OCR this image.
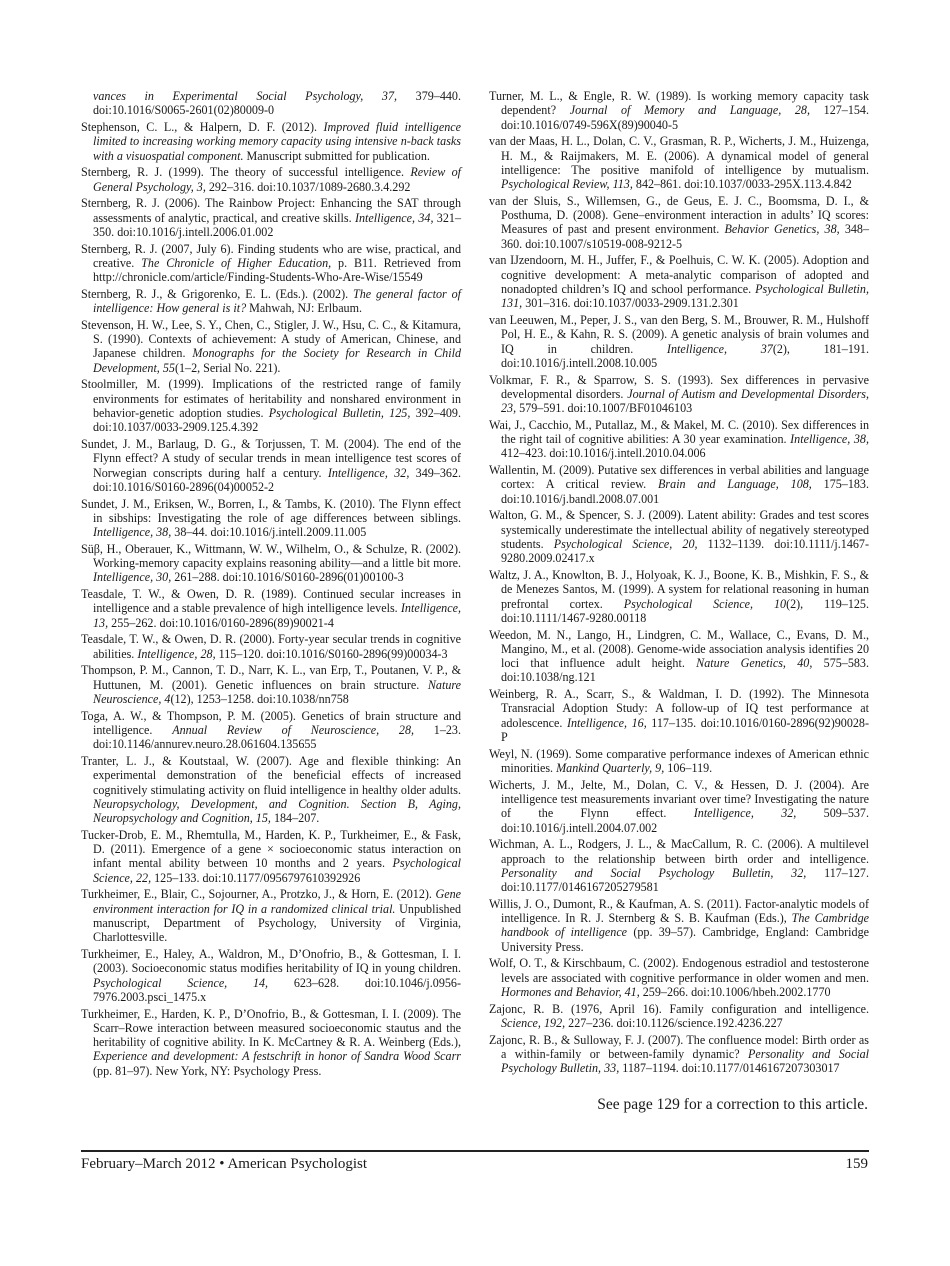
vances in Experimental Social Psychology, 37, 379–440. doi:10.1016/S0065-2601(02)80009-0

Stephenson, C. L., & Halpern, D. F. (2012). Improved fluid intelligence limited to increasing working memory capacity using intensive n-back tasks with a visuospatial component. Manuscript submitted for publication.

Sternberg, R. J. (1999). The theory of successful intelligence. Review of General Psychology, 3, 292–316. doi:10.1037/1089-2680.3.4.292

Sternberg, R. J. (2006). The Rainbow Project: Enhancing the SAT through assessments of analytic, practical, and creative skills. Intelligence, 34, 321–350. doi:10.1016/j.intell.2006.01.002

Sternberg, R. J. (2007, July 6). Finding students who are wise, practical, and creative. The Chronicle of Higher Education, p. B11. Retrieved from http://chronicle.com/article/Finding-Students-Who-Are-Wise/15549

Sternberg, R. J., & Grigorenko, E. L. (Eds.). (2002). The general factor of intelligence: How general is it? Mahwah, NJ: Erlbaum.

Stevenson, H. W., Lee, S. Y., Chen, C., Stigler, J. W., Hsu, C. C., & Kitamura, S. (1990). Contexts of achievement: A study of American, Chinese, and Japanese children. Monographs for the Society for Research in Child Development, 55(1–2, Serial No. 221).

Stoolmiller, M. (1999). Implications of the restricted range of family environments for estimates of heritability and nonshared environment in behavior-genetic adoption studies. Psychological Bulletin, 125, 392–409. doi:10.1037/0033-2909.125.4.392

Sundet, J. M., Barlaug, D. G., & Torjussen, T. M. (2004). The end of the Flynn effect? A study of secular trends in mean intelligence test scores of Norwegian conscripts during half a century. Intelligence, 32, 349–362. doi:10.1016/S0160-2896(04)00052-2

Sundet, J. M., Eriksen, W., Borren, I., & Tambs, K. (2010). The Flynn effect in sibships: Investigating the role of age differences between siblings. Intelligence, 38, 38–44. doi:10.1016/j.intell.2009.11.005

Süβ, H., Oberauer, K., Wittmann, W. W., Wilhelm, O., & Schulze, R. (2002). Working-memory capacity explains reasoning ability—and a little bit more. Intelligence, 30, 261–288. doi:10.1016/S0160-2896(01)00100-3

Teasdale, T. W., & Owen, D. R. (1989). Continued secular increases in intelligence and a stable prevalence of high intelligence levels. Intelligence, 13, 255–262. doi:10.1016/0160-2896(89)90021-4

Teasdale, T. W., & Owen, D. R. (2000). Forty-year secular trends in cognitive abilities. Intelligence, 28, 115–120. doi:10.1016/S0160-2896(99)00034-3

Thompson, P. M., Cannon, T. D., Narr, K. L., van Erp, T., Poutanen, V. P., & Huttunen, M. (2001). Genetic influences on brain structure. Nature Neuroscience, 4(12), 1253–1258. doi:10.1038/nn758

Toga, A. W., & Thompson, P. M. (2005). Genetics of brain structure and intelligence. Annual Review of Neuroscience, 28, 1–23. doi:10.1146/annurev.neuro.28.061604.135655

Tranter, L. J., & Koutstaal, W. (2007). Age and flexible thinking: An experimental demonstration of the beneficial effects of increased cognitively stimulating activity on fluid intelligence in healthy older adults. Neuropsychology, Development, and Cognition. Section B, Aging, Neuropsychology and Cognition, 15, 184–207.

Tucker-Drob, E. M., Rhemtulla, M., Harden, K. P., Turkheimer, E., & Fask, D. (2011). Emergence of a gene × socioeconomic status interaction on infant mental ability between 10 months and 2 years. Psychological Science, 22, 125–133. doi:10.1177/0956797610392926

Turkheimer, E., Blair, C., Sojourner, A., Protzko, J., & Horn, E. (2012). Gene environment interaction for IQ in a randomized clinical trial. Unpublished manuscript, Department of Psychology, University of Virginia, Charlottesville.

Turkheimer, E., Haley, A., Waldron, M., D’Onofrio, B., & Gottesman, I. I. (2003). Socioeconomic status modifies heritability of IQ in young children. Psychological Science, 14, 623–628. doi:10.1046/j.0956-7976.2003.psci_1475.x

Turkheimer, E., Harden, K. P., D’Onofrio, B., & Gottesman, I. I. (2009). The Scarr–Rowe interaction between measured socioeconomic stautus and the heritability of cognitive ability. In K. McCartney & R. A. Weinberg (Eds.), Experience and development: A festschrift in honor of Sandra Wood Scarr (pp. 81–97). New York, NY: Psychology Press.

Turner, M. L., & Engle, R. W. (1989). Is working memory capacity task dependent? Journal of Memory and Language, 28, 127–154. doi:10.1016/0749-596X(89)90040-5

van der Maas, H. L., Dolan, C. V., Grasman, R. P., Wicherts, J. M., Huizenga, H. M., & Raijmakers, M. E. (2006). A dynamical model of general intelligence: The positive manifold of intelligence by mutualism. Psychological Review, 113, 842–861. doi:10.1037/0033-295X.113.4.842

van der Sluis, S., Willemsen, G., de Geus, E. J. C., Boomsma, D. I., & Posthuma, D. (2008). Gene–environment interaction in adults’ IQ scores: Measures of past and present environment. Behavior Genetics, 38, 348–360. doi:10.1007/s10519-008-9212-5

van IJzendoorn, M. H., Juffer, F., & Poelhuis, C. W. K. (2005). Adoption and cognitive development: A meta-analytic comparison of adopted and nonadopted children’s IQ and school performance. Psychological Bulletin, 131, 301–316. doi:10.1037/0033-2909.131.2.301

van Leeuwen, M., Peper, J. S., van den Berg, S. M., Brouwer, R. M., Hulshoff Pol, H. E., & Kahn, R. S. (2009). A genetic analysis of brain volumes and IQ in children. Intelligence, 37(2), 181–191. doi:10.1016/j.intell.2008.10.005

Volkmar, F. R., & Sparrow, S. S. (1993). Sex differences in pervasive developmental disorders. Journal of Autism and Developmental Disorders, 23, 579–591. doi:10.1007/BF01046103

Wai, J., Cacchio, M., Putallaz, M., & Makel, M. C. (2010). Sex differences in the right tail of cognitive abilities: A 30 year examination. Intelligence, 38, 412–423. doi:10.1016/j.intell.2010.04.006

Wallentin, M. (2009). Putative sex differences in verbal abilities and language cortex: A critical review. Brain and Language, 108, 175–183. doi:10.1016/j.bandl.2008.07.001

Walton, G. M., & Spencer, S. J. (2009). Latent ability: Grades and test scores systemically underestimate the intellectual ability of negatively stereotyped students. Psychological Science, 20, 1132–1139. doi:10.1111/j.1467-9280.2009.02417.x

Waltz, J. A., Knowlton, B. J., Holyoak, K. J., Boone, K. B., Mishkin, F. S., & de Menezes Santos, M. (1999). A system for relational reasoning in human prefrontal cortex. Psychological Science, 10(2), 119–125. doi:10.1111/1467-9280.00118

Weedon, M. N., Lango, H., Lindgren, C. M., Wallace, C., Evans, D. M., Mangino, M., et al. (2008). Genome-wide association analysis identifies 20 loci that influence adult height. Nature Genetics, 40, 575–583. doi:10.1038/ng.121

Weinberg, R. A., Scarr, S., & Waldman, I. D. (1992). The Minnesota Transracial Adoption Study: A follow-up of IQ test performance at adolescence. Intelligence, 16, 117–135. doi:10.1016/0160-2896(92)90028-P

Weyl, N. (1969). Some comparative performance indexes of American ethnic minorities. Mankind Quarterly, 9, 106–119.

Wicherts, J. M., Jelte, M., Dolan, C. V., & Hessen, D. J. (2004). Are intelligence test measurements invariant over time? Investigating the nature of the Flynn effect. Intelligence, 32, 509–537. doi:10.1016/j.intell.2004.07.002

Wichman, A. L., Rodgers, J. L., & MacCallum, R. C. (2006). A multilevel approach to the relationship between birth order and intelligence. Personality and Social Psychology Bulletin, 32, 117–127. doi:10.1177/0146167205279581

Willis, J. O., Dumont, R., & Kaufman, A. S. (2011). Factor-analytic models of intelligence. In R. J. Sternberg & S. B. Kaufman (Eds.), The Cambridge handbook of intelligence (pp. 39–57). Cambridge, England: Cambridge University Press.

Wolf, O. T., & Kirschbaum, C. (2002). Endogenous estradiol and testosterone levels are associated with cognitive performance in older women and men. Hormones and Behavior, 41, 259–266. doi:10.1006/hbeh.2002.1770

Zajonc, R. B. (1976, April 16). Family configuration and intelligence. Science, 192, 227–236. doi:10.1126/science.192.4236.227

Zajonc, R. B., & Sulloway, F. J. (2007). The confluence model: Birth order as a within-family or between-family dynamic? Personality and Social Psychology Bulletin, 33, 1187–1194. doi:10.1177/0146167207303017

See page 129 for a correction to this article.
February–March 2012 • American Psychologist	159
